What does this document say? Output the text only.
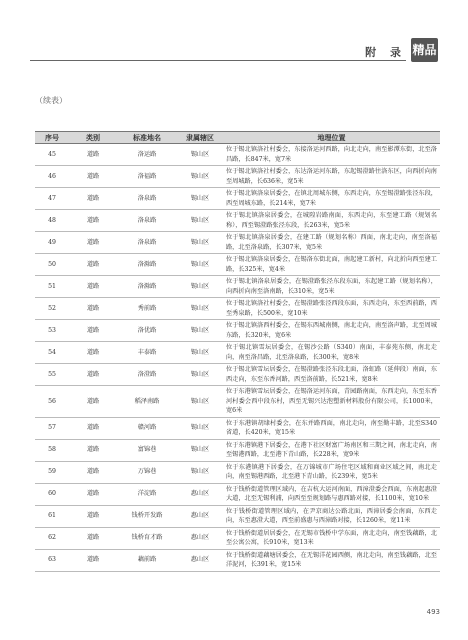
附 录 精品
（续表）
序号	类别	标准地名	隶属辖区	地理位置
45	道路	洛运路	锡山区	位于锡北镇洛社村委会，东接洛运河西路，向北走向，南至影潭东街，北至洛昌路，长847米，宽7米
46	道路	洛福路	锡山区	位于锡北镇洛社村委会，东达洛运河东路，东起锡澄路往洛东区，向西折向南至周城路，长636米，宽5米
47	道路	洛泉路	锡山区	位于锡北镇洛泉居委会，在镇北周城东侧，东西走向，东至锡澄路张泾东段，西至周城东路，长214米，宽7米
48	道路	洛泉路	锡山区	位于锡北镇洛泉居委会，在城隍岩路南面，东西走向，东至建工路（规划名称），西至锡澄路张泾东段，长263米，宽5米
49	道路	洛泉路	锡山区	位于锡北镇洛泉居委会，在建工路（规划名称）西面，南北走向，南至洛福路，北至洛泉路，长307米，宽5米
50	道路	洛滁路	锡山区	位于锡北镇洛泉居委会，在锡洛东街北面，南起建工新村，向北折向西至建工路，长325米，宽4米
51	道路	洛滁路	锡山区	位于锡北镇洛泉居委会，在锡澄路张泾东段东面，东起建工路（规划名称），向西折向南至洛南路，长310米，宽5米
52	道路	秀前路	锡山区	位于锡北镇洛社村委会，在锡澄路张泾西段东面，东西走向，东至西前路，西至秀泉路，长500米，宽10米
53	道路	洛优路	锡山区	位于锡北镇洛西村委会，在锡东西城南侧，南北走向，南至洛声路，北至周城东路，长320米，宽6米
54	道路	丰泰路	锡山区	位于锡北镇雪坛居委会，在锡沙公路（S340）南面，丰泰苑东侧，南北走向，南至洛昌路，北至洛泉路，长300米，宽8米
55	道路	洛澄路	锡山区	位于锡北镇雪坛居委会，在锡澄路张泾东段北面，洛虹路（延伸段）南面，东西走向，东至东香河路，西至洛前路，长521米，宽8米
56	道路	稻泽南路	锡山区	位于东港镇雪坛居委会，在锡洛运河东面，青园路南面，东西走向，东至东香河村委会西中段东村，西至无锡兴达泡塑新材料股份有限公司，长1000米，宽6米
57	道路	赣河路	锡山区	位于东港镇胡埭村委会，在东并路西面，南北走向，南至勤丰路，北至S340省道，长420米，宽15米
58	道路	富锦巷	锡山区	位于东港镇港下居委会，在港下社区财富广场南区和三期之间，南北走向，南至锡港西路，北至港下青山路，长228米，宽9米
59	道路	万锦巷	锡山区	位于东港镇港下居委会，在万锦城市广场住宅区域和商业区域之间，南北走向，南至锡港西路，北至港下青山路，长239米，宽5米
60	道路	洋淀路	惠山区	位于钱桥街道管理区域内，在吉杭大运河南面，西漳澄委会西面，东南起惠澄大道，北至无锡利浦，向西至至规划路与惠西路对接，长1100米，宽10米
61	道路	钱桥开发路	惠山区	位于钱桥街道管理区域内，在尹京商达公路北面，西漳居委会南面，东西走向，东至惠澄大道，西至前盛惠与西漳路对接，长1260米，宽11米
62	道路	钱桥育才路	惠山区	位于钱桥街道居居委会，在无锡市钱桥中学东面，南北走向，南至钱藕路，北至公寓公寓，长910米，宽13米
63	道路	藕前路	惠山区	位于钱桥街道藕塘居委会，在无锡洋花园西侧，南北走向，南至钱藕路，北至洋泥河，长391米，宽15米
493
